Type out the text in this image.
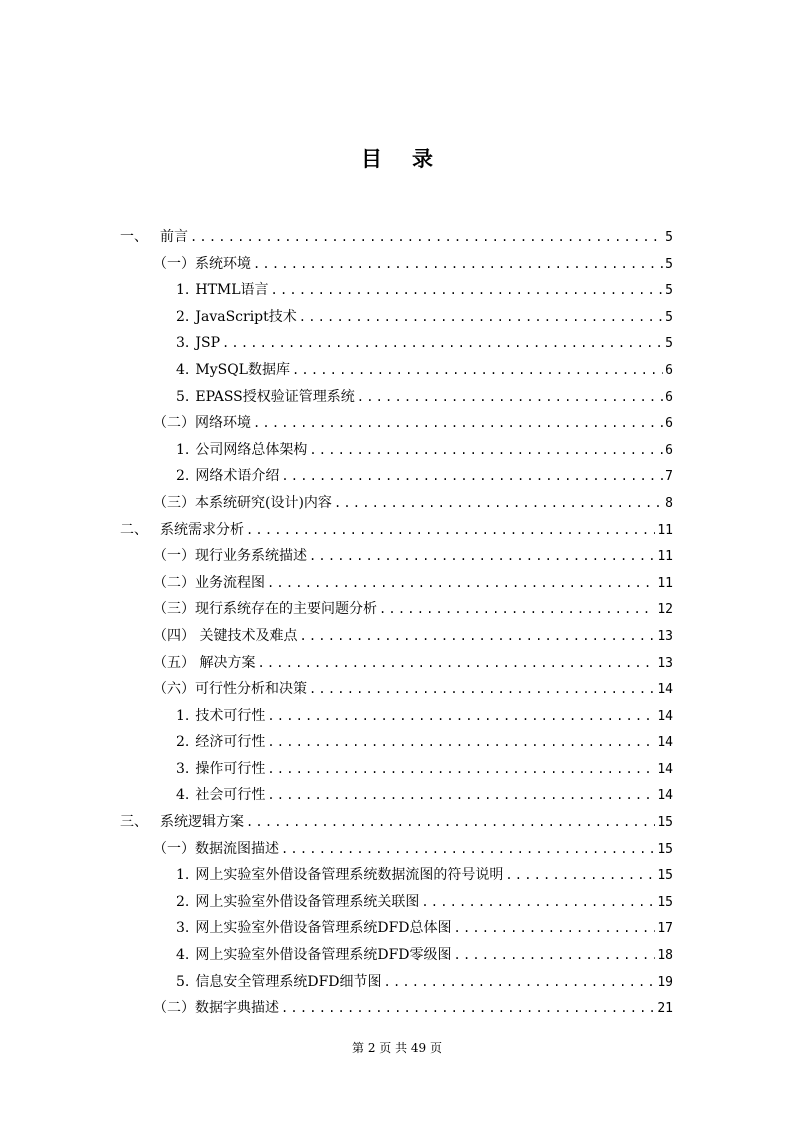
目 录
一、 前言 .....	5
（一）系统环境 .....	5
1. HTML语言 .....	5
2. JavaScript技术 .....	5
3. JSP .....	5
4. MySQL数据库 .....	6
5. EPASS授权验证管理系统 .....	6
（二）网络环境 .....	6
1. 公司网络总体架构 .....	6
2. 网络术语介绍 .....	7
（三）本系统研究(设计)内容 .....	8
二、 系统需求分析 .....	11
（一）现行业务系统描述 .....	11
（二）业务流程图 .....	11
（三）现行系统存在的主要问题分析 .....	12
（四） 关键技术及难点 .....	13
（五） 解决方案 .....	13
（六）可行性分析和决策 .....	14
1. 技术可行性 .....	14
2. 经济可行性 .....	14
3. 操作可行性 .....	14
4. 社会可行性 .....	14
三、 系统逻辑方案 .....	15
（一）数据流图描述 .....	15
1. 网上实验室外借设备管理系统数据流图的符号说明 .....	15
2. 网上实验室外借设备管理系统关联图 .....	15
3. 网上实验室外借设备管理系统DFD总体图 .....	17
4. 网上实验室外借设备管理系统DFD零级图 .....	18
5. 信息安全管理系统DFD细节图 .....	19
（二）数据字典描述 .....	21
第 2 页 共 49 页
